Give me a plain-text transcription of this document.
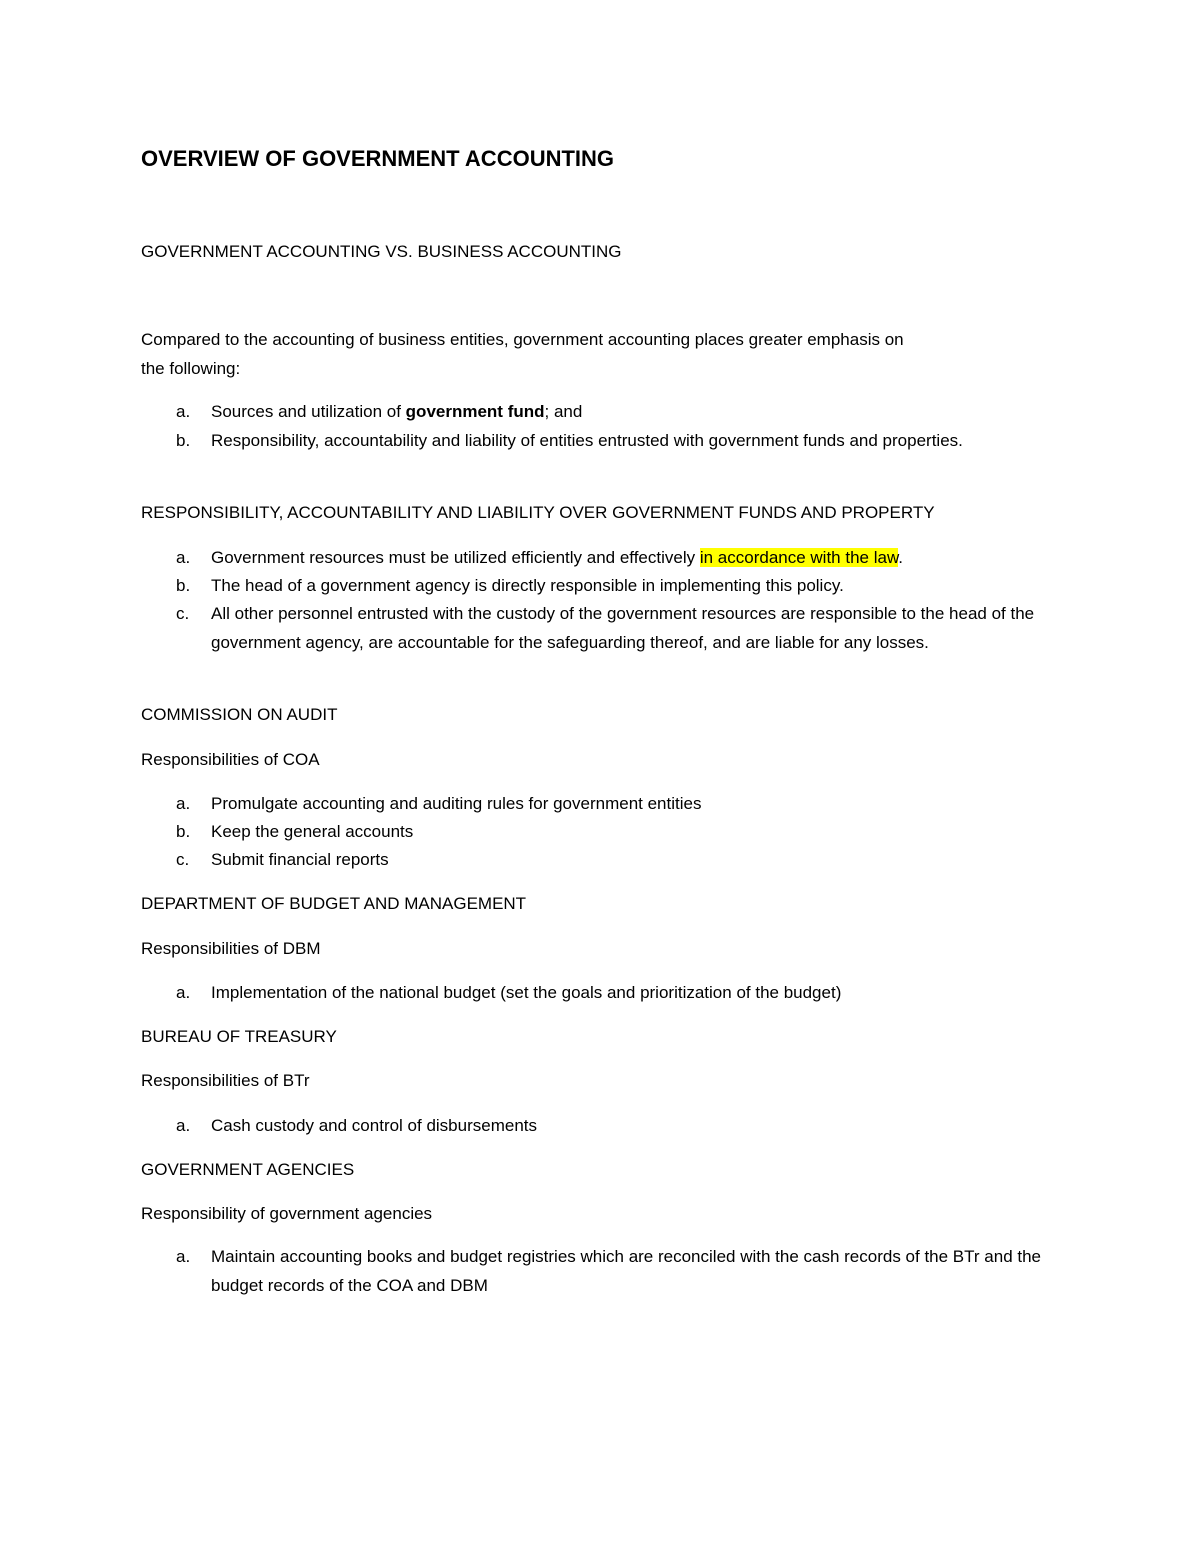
OVERVIEW OF GOVERNMENT ACCOUNTING

GOVERNMENT ACCOUNTING VS. BUSINESS ACCOUNTING

Compared to the accounting of business entities, government accounting places greater emphasis on

the following:

a. Sources and utilization of government fund; and
b. Responsibility, accountability and liability of entities entrusted with government funds and properties.

RESPONSIBILITY, ACCOUNTABILITY AND LIABILITY OVER GOVERNMENT FUNDS AND PROPERTY

a. Government resources must be utilized efficiently and effectively in accordance with the law.
b. The head of a government agency is directly responsible in implementing this policy.
c. All other personnel entrusted with the custody of the government resources are responsible to the head of the government agency, are accountable for the safeguarding thereof, and are liable for any losses.

COMMISSION ON AUDIT

Responsibilities of COA

a. Promulgate accounting and auditing rules for government entities
b. Keep the general accounts
c. Submit financial reports

DEPARTMENT OF BUDGET AND MANAGEMENT

Responsibilities of DBM

a. Implementation of the national budget (set the goals and prioritization of the budget)

BUREAU OF TREASURY

Responsibilities of BTr

a. Cash custody and control of disbursements

GOVERNMENT AGENCIES

Responsibility of government agencies

a. Maintain accounting books and budget registries which are reconciled with the cash records of the BTr and the budget records of the COA and DBM
